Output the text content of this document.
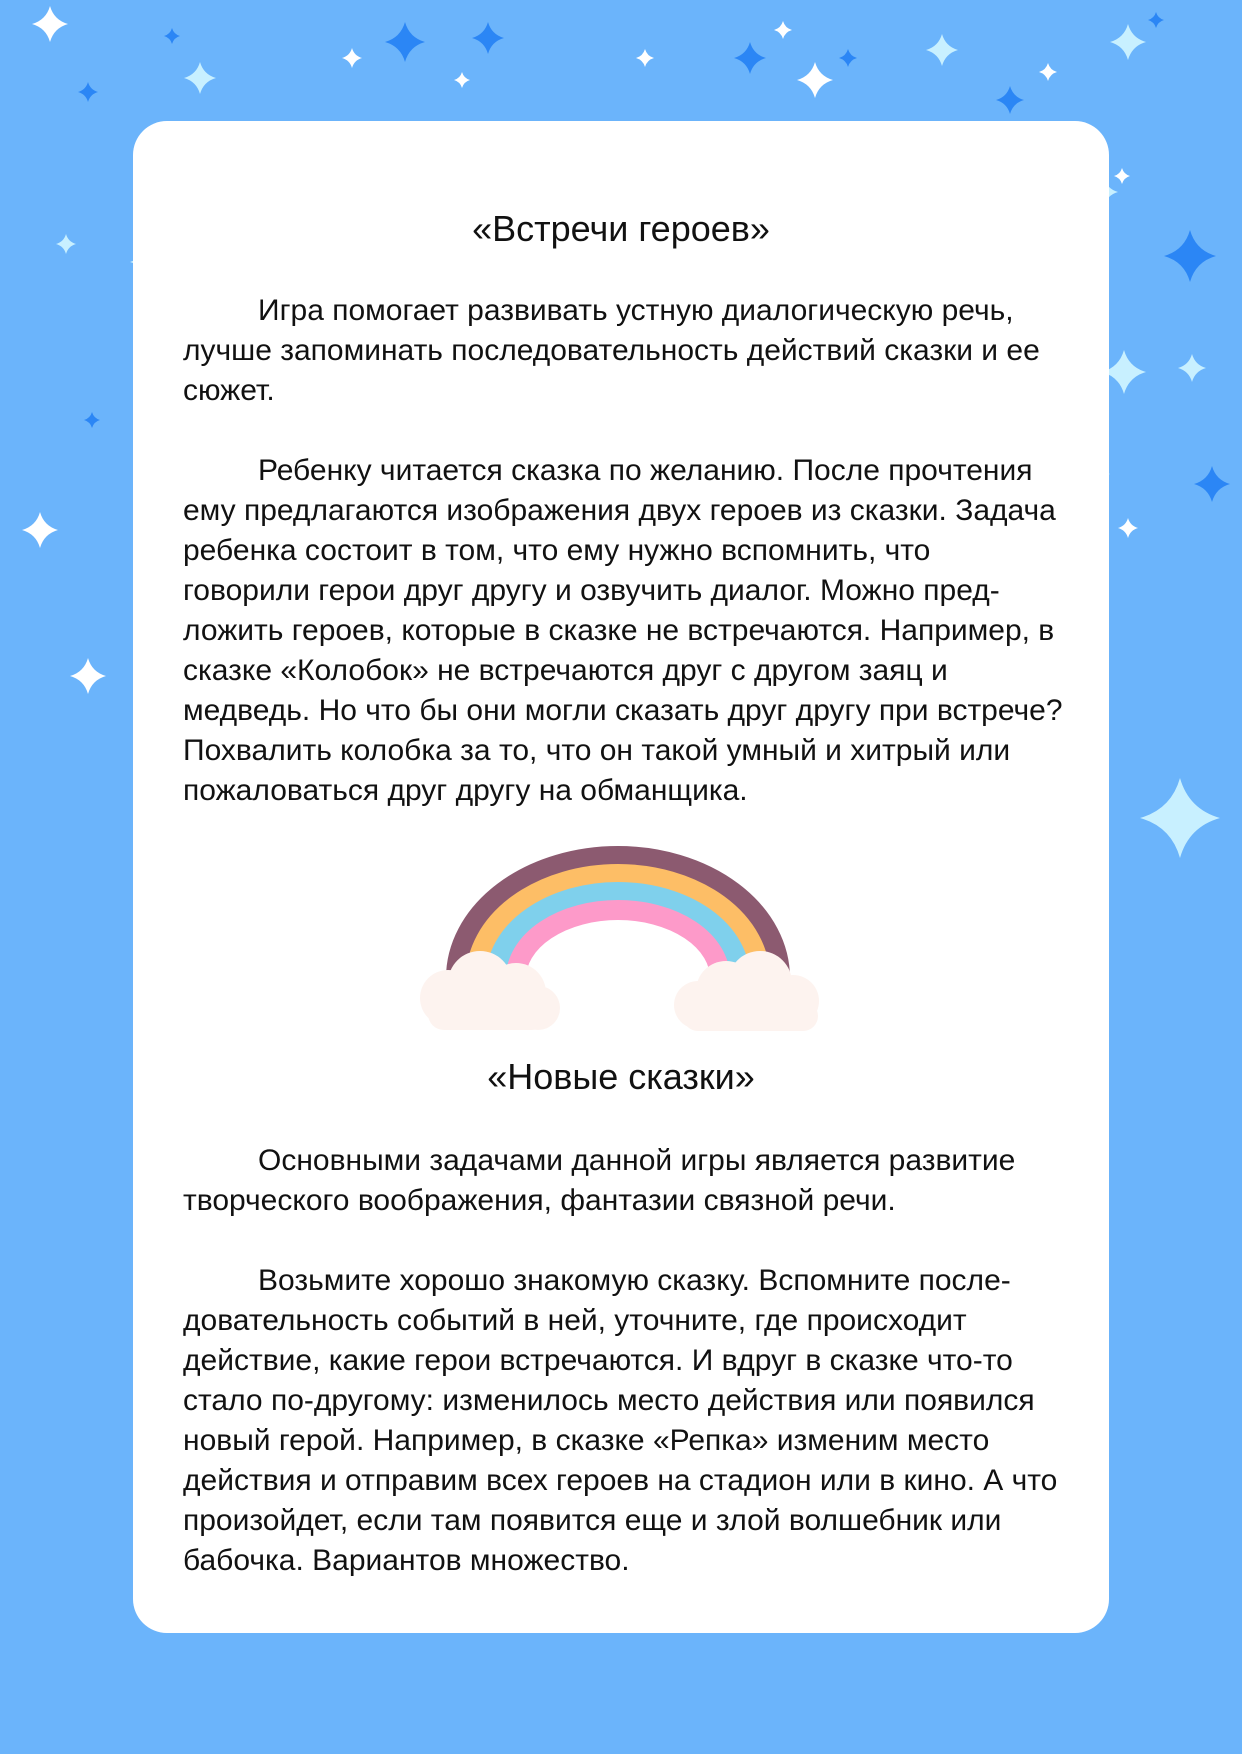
«Встречи героев»

Игра помогает развивать устную диалогическую речь, лучше запоминать последовательность действий сказки и ее сюжет.

Ребенку читается сказка по желанию. После прочтения ему предлагаются изображения двух героев из сказки. Задача ребенка состоит в том, что ему нужно вспомнить, что говорили герои друг другу и озвучить диалог. Можно предложить героев, которые в сказке не встречаются. Например, в сказке «Колобок» не встречаются друг с другом заяц и медведь. Но что бы они могли сказать друг другу при встрече? Похвалить колобка за то, что он такой умный и хитрый или пожаловаться друг другу на обманщика.

«Новые сказки»

Основными задачами данной игры является развитие творческого воображения, фантазии связной речи.

Возьмите хорошо знакомую сказку. Вспомните последовательность событий в ней, уточните, где происходит действие, какие герои встречаются. И вдруг в сказке что-то стало по-другому: изменилось место действия или появился новый герой. Например, в сказке «Репка» изменим место действия и отправим всех героев на стадион или в кино. А что произойдет, если там появится еще и злой волшебник или бабочка. Вариантов множество.
